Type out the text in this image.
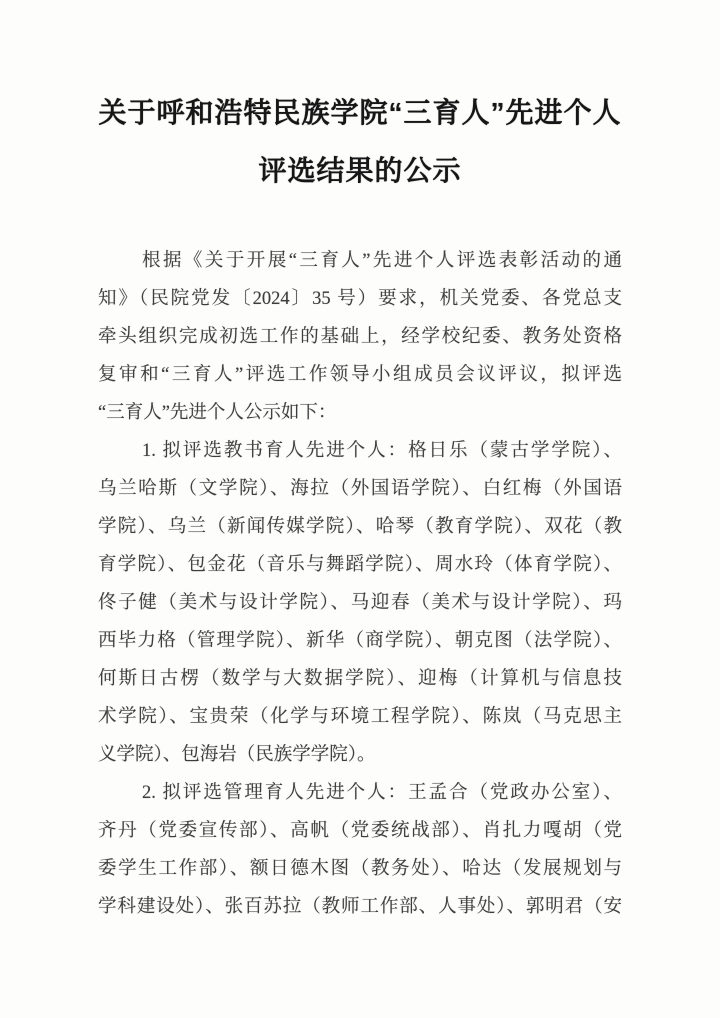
关于呼和浩特民族学院“三育人”先进个人
评选结果的公示
根据《关于开展“三育人”先进个人评选表彰活动的通
知》（民院党发〔2024〕35 号）要求，机关党委、各党总支
牵头组织完成初选工作的基础上，经学校纪委、教务处资格
复审和“三育人”评选工作领导小组成员会议评议，拟评选
“三育人”先进个人公示如下：
1. 拟评选教书育人先进个人：格日乐（蒙古学学院）、
乌兰哈斯（文学院）、海拉（外国语学院）、白红梅（外国语
学院）、乌兰（新闻传媒学院）、哈琴（教育学院）、双花（教
育学院）、包金花（音乐与舞蹈学院）、周水玲（体育学院）、
佟子健（美术与设计学院）、马迎春（美术与设计学院）、玛
西毕力格（管理学院）、新华（商学院）、朝克图（法学院）、
何斯日古楞（数学与大数据学院）、迎梅（计算机与信息技
术学院）、宝贵荣（化学与环境工程学院）、陈岚（马克思主
义学院）、包海岩（民族学学院）。
2. 拟评选管理育人先进个人：王孟合（党政办公室）、
齐丹（党委宣传部）、高帆（党委统战部）、肖扎力嘎胡（党
委学生工作部）、额日德木图（教务处）、哈达（发展规划与
学科建设处）、张百苏拉（教师工作部、人事处）、郭明君（安
